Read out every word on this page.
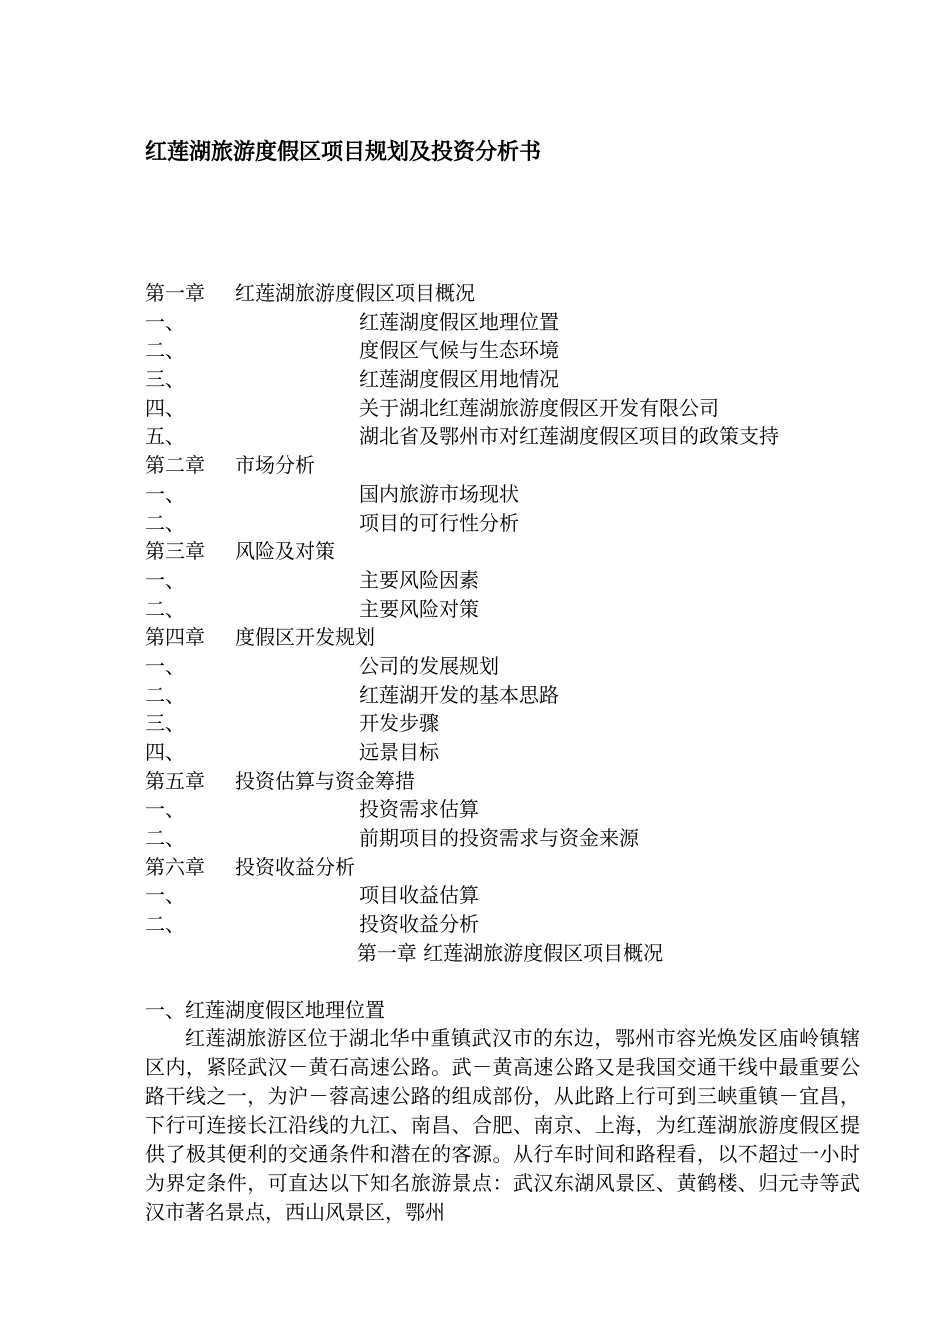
红莲湖旅游度假区项目规划及投资分析书
第一章 红莲湖旅游度假区项目概况
一、	红莲湖度假区地理位置
二、	度假区气候与生态环境
三、	红莲湖度假区用地情况
四、	关于湖北红莲湖旅游度假区开发有限公司
五、	湖北省及鄂州市对红莲湖度假区项目的政策支持
第二章 市场分析
一、	国内旅游市场现状
二、	项目的可行性分析
第三章 风险及对策
一、	主要风险因素
二、	主要风险对策
第四章 度假区开发规划
一、	公司的发展规划
二、	红莲湖开发的基本思路
三、	开发步骤
四、	远景目标
第五章 投资估算与资金筹措
一、	投资需求估算
二、	前期项目的投资需求与资金来源
第六章 投资收益分析
一、	项目收益估算
二、	投资收益分析
第一章 红莲湖旅游度假区项目概况
一、红莲湖度假区地理位置

红莲湖旅游区位于湖北华中重镇武汉市的东边，鄂州市容光焕发区庙岭镇辖区内，紧陉武汉－黄石高速公路。武－黄高速公路又是我国交通干线中最重要公路干线之一，为沪－蓉高速公路的组成部份，从此路上行可到三峡重镇－宜昌，下行可连接长江沿线的九江、南昌、合肥、南京、上海，为红莲湖旅游度假区提供了极其便利的交通条件和潜在的客源。从行车时间和路程看，以不超过一小时为界定条件，可直达以下知名旅游景点：武汉东湖风景区、黄鹤楼、归元寺等武汉市著名景点，西山风景区，鄂州
